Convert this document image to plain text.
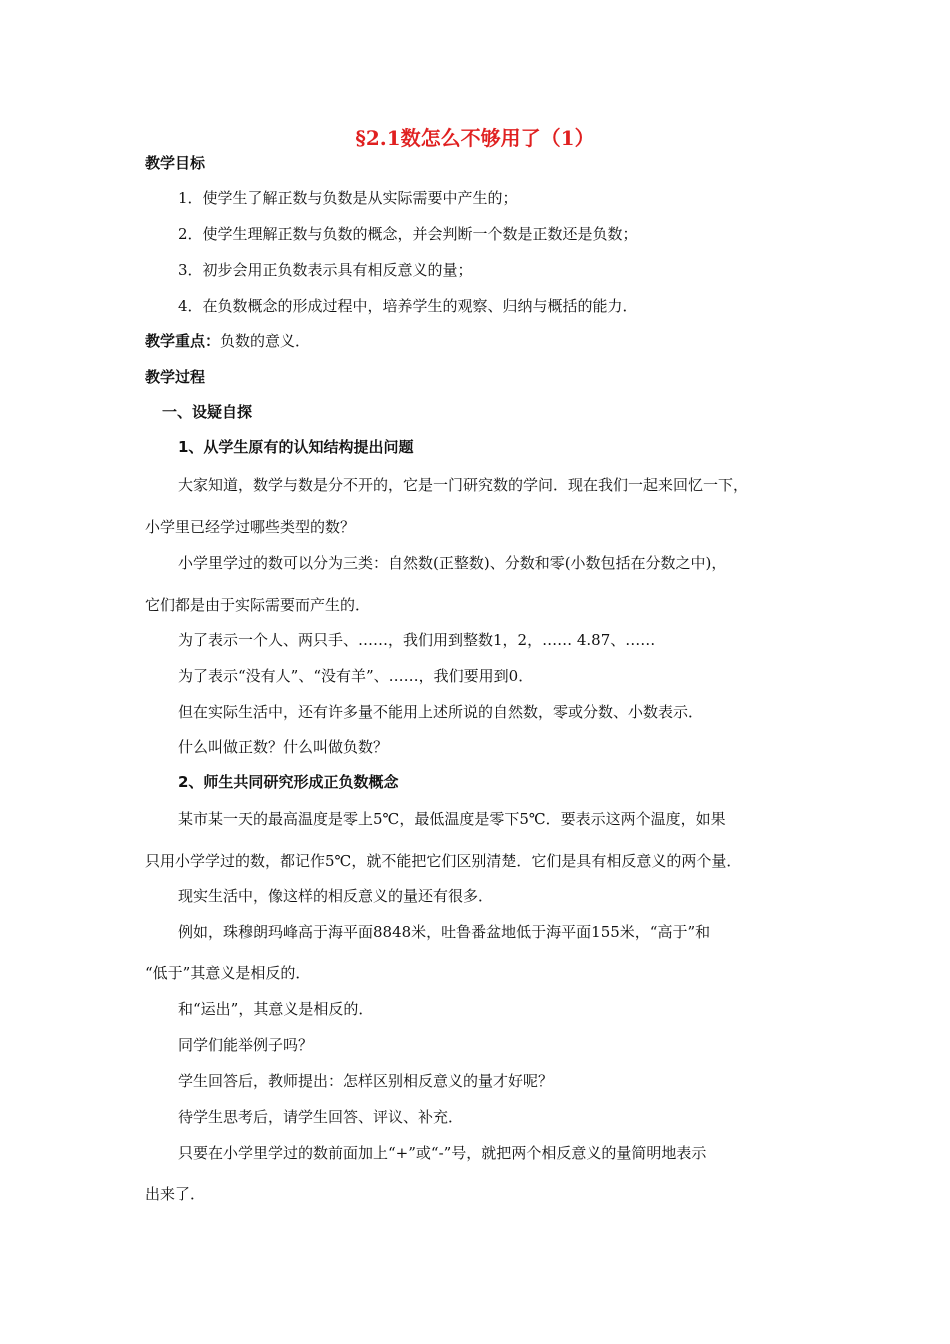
§2.1数怎么不够用了（1）
教学目标
1．使学生了解正数与负数是从实际需要中产生的；
2．使学生理解正数与负数的概念，并会判断一个数是正数还是负数；
3．初步会用正负数表示具有相反意义的量；
4．在负数概念的形成过程中，培养学生的观察、归纳与概括的能力．
教学重点：负数的意义．
教学过程
一、设疑自探
1、从学生原有的认知结构提出问题
大家知道，数学与数是分不开的，它是一门研究数的学问．现在我们一起来回忆一下，
小学里已经学过哪些类型的数？
小学里学过的数可以分为三类：自然数(正整数)、分数和零(小数包括在分数之中)，
它们都是由于实际需要而产生的．
为了表示一个人、两只手、……，我们用到整数1，2，…… 4.87、……
为了表示“没有人”、“没有羊”、……，我们要用到0．
但在实际生活中，还有许多量不能用上述所说的自然数，零或分数、小数表示．
什么叫做正数？什么叫做负数？
2、师生共同研究形成正负数概念
某市某一天的最高温度是零上5℃，最低温度是零下5℃．要表示这两个温度，如果
只用小学学过的数，都记作5℃，就不能把它们区别清楚．它们是具有相反意义的两个量．
现实生活中，像这样的相反意义的量还有很多．
例如，珠穆朗玛峰高于海平面8848米，吐鲁番盆地低于海平面155米，“高于”和
“低于”其意义是相反的．
和“运出”，其意义是相反的．
同学们能举例子吗？
学生回答后，教师提出：怎样区别相反意义的量才好呢？
待学生思考后，请学生回答、评议、补充．
只要在小学里学过的数前面加上“+”或“-”号，就把两个相反意义的量简明地表示
出来了．
